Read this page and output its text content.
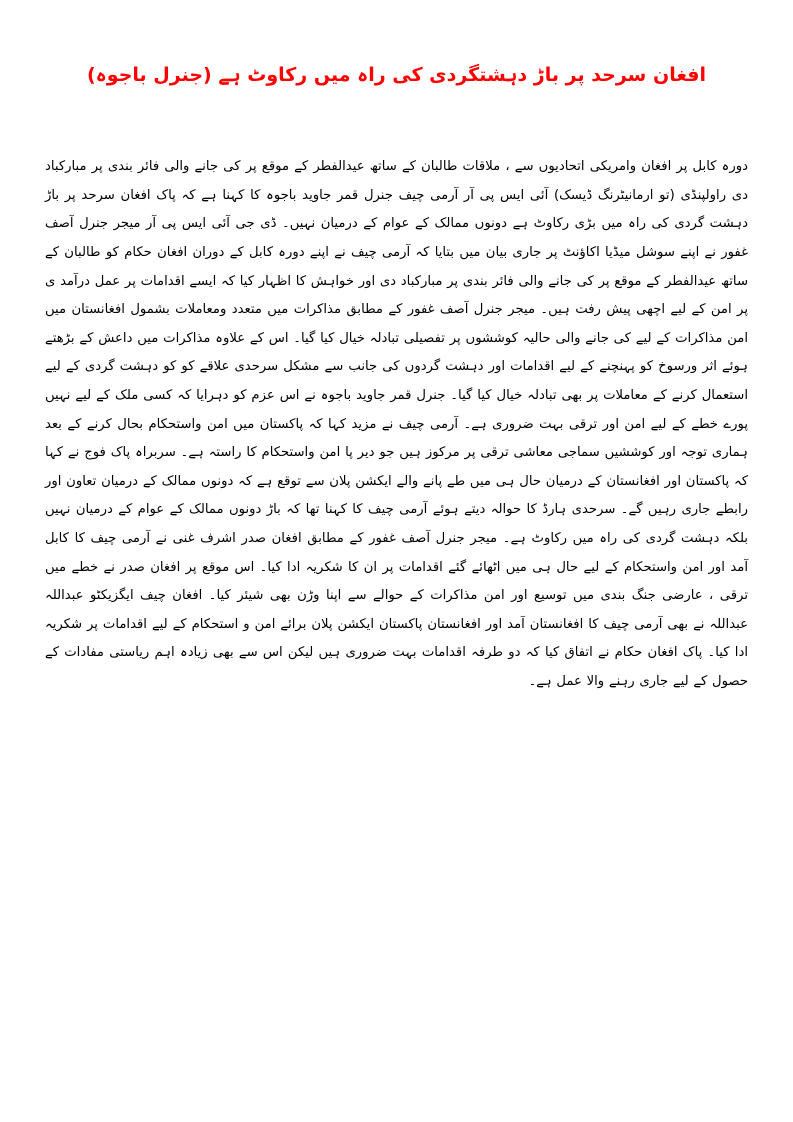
افغان سرحد پر باڑ دہشتگردی کی راہ میں رکاوٹ ہے (جنرل باجوہ)

دورہ کابل پر افغان وامریکی اتحادیوں سے ، ملاقات طالبان کے ساتھ عیدالفطر کے موقع پر کی جانے والی فائر بندی پر مبارکباد دی راولپنڈی (تو ارمانیٹرنگ ڈیسک) آئی ایس پی آر آرمی چیف جنرل قمر جاوید باجوہ کا کہنا ہے کہ پاک افغان سرحد پر باڑ دہشت گردی کی راہ میں بڑی رکاوٹ ہے دونوں ممالک کے عوام کے درمیان نہیں۔ ڈی جی آئی ایس پی آر میجر جنرل آصف غفور نے اپنے سوشل میڈیا اکاؤنٹ پر جاری بیان میں بتایا کہ آرمی چیف نے اپنے دورہ کابل کے دوران افغان حکام کو طالبان کے ساتھ عیدالفطر کے موقع پر کی جانے والی فائر بندی پر مبارکباد دی اور خواہش کا اظہار کیا کہ ایسے اقدامات پر عمل درآمد ی پر امن کے لیے اچھی پیش رفت ہیں۔ میجر جنرل آصف غفور کے مطابق مذاکرات میں متعدد ومعاملات بشمول افغانستان میں امن مذاکرات کے لیے کی جانے والی حالیہ کوششوں پر تفصیلی تبادلہ خیال کیا گیا۔ اس کے علاوہ مذاکرات میں داعش کے بڑھتے ہوئے اثر ورسوخ کو پہنچنے کے لیے اقدامات اور دہشت گردوں کی جانب سے مشکل سرحدی علاقے کو کو دہشت گردی کے لیے استعمال کرنے کے معاملات پر بھی تبادلہ خیال کیا گیا۔ جنرل قمر جاوید باجوہ نے اس عزم کو دہرایا کہ کسی ملک کے لیے نہیں پورے خطے کے لیے امن اور ترقی بہت ضروری ہے۔ آرمی چیف نے مزید کہا کہ پاکستان میں امن واستحکام بحال کرنے کے بعد ہماری توجہ اور کوششیں سماجی معاشی ترقی پر مرکوز ہیں جو دیر پا امن واستحکام کا راستہ ہے۔ سربراہ پاک فوج نے کہا کہ پاکستان اور افغانستان کے درمیان حال ہی میں طے پانے والے ایکشن پلان سے توقع ہے کہ دونوں ممالک کے درمیان تعاون اور رابطے جاری رہیں گے۔ سرحدی ہارڈ کا حوالہ دیتے ہوئے آرمی چیف کا کہنا تھا کہ باڑ دونوں ممالک کے عوام کے درمیان نہیں بلکہ دہشت گردی کی راہ میں رکاوٹ ہے۔ میجر جنرل آصف غفور کے مطابق افغان صدر اشرف غنی نے آرمی چیف کا کابل آمد اور امن واستحکام کے لیے حال ہی میں اٹھائے گئے اقدامات پر ان کا شکریہ ادا کیا۔ اس موقع پر افغان صدر نے خطے میں ترقی ، عارضی جنگ بندی میں توسیع اور امن مذاکرات کے حوالے سے اپنا وڑن بھی شیئر کیا۔ افغان چیف ایگزیکٹو عبداللہ عبداللہ نے بھی آرمی چیف کا افغانستان آمد اور افغانستان پاکستان ایکشن پلان برائے امن و استحکام کے لیے اقدامات پر شکریہ ادا کیا۔ پاک افغان حکام نے اتفاق کیا کہ دو طرفہ اقدامات بہت ضروری ہیں لیکن اس سے بھی زیادہ اہم ریاستی مفادات کے حصول کے لیے جاری رہنے والا عمل ہے۔
